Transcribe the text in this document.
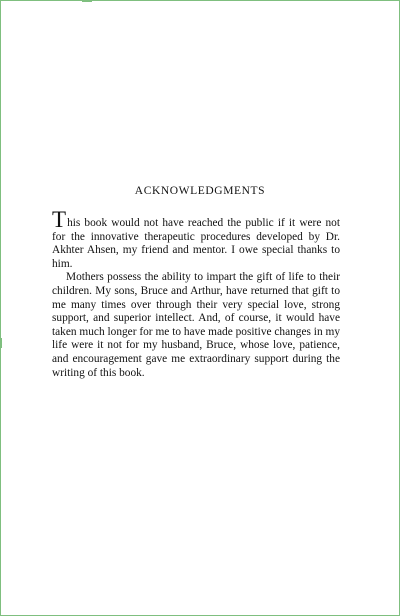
ACKNOWLEDGMENTS

This book would not have reached the public if it were not for the innovative therapeutic procedures developed by Dr. Akhter Ahsen, my friend and mentor. I owe special thanks to him.

Mothers possess the ability to impart the gift of life to their children. My sons, Bruce and Arthur, have returned that gift to me many times over through their very special love, strong support, and superior intellect. And, of course, it would have taken much longer for me to have made positive changes in my life were it not for my husband, Bruce, whose love, patience, and encouragement gave me extraordinary support during the writing of this book.
